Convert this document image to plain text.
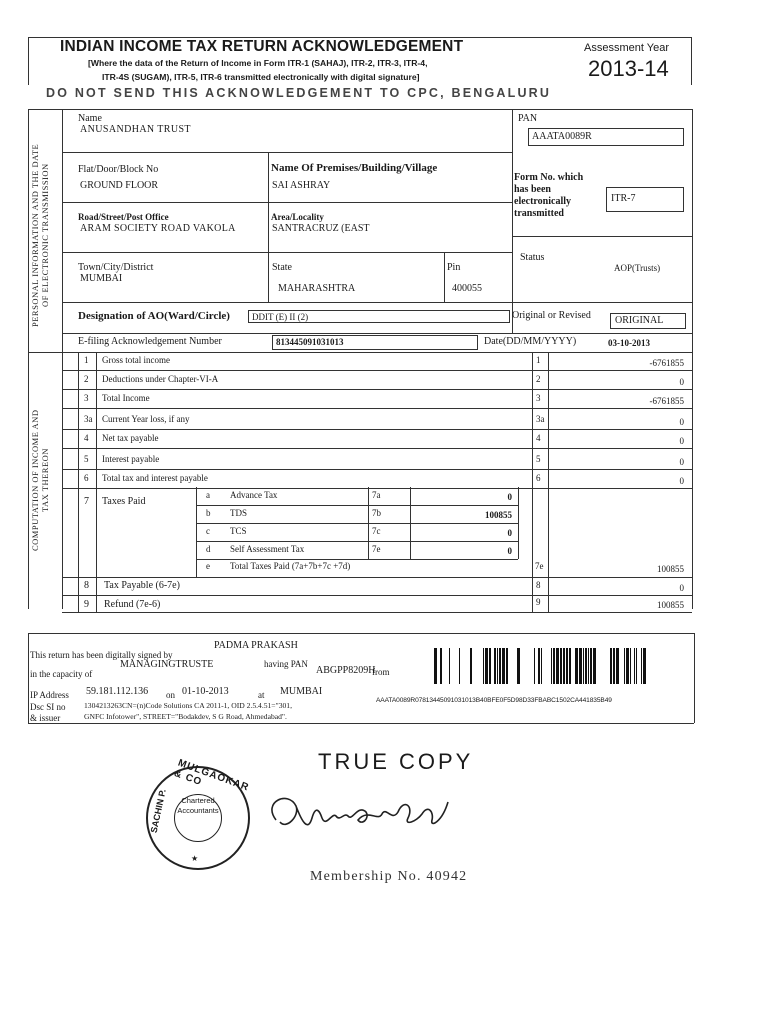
INDIAN INCOME TAX RETURN ACKNOWLEDGEMENT
[Where the data of the Return of Income in Form ITR-1 (SAHAJ), ITR-2, ITR-3, ITR-4,
ITR-4S (SUGAM), ITR-5, ITR-6 transmitted electronically with digital signature]
DO NOT SEND THIS ACKNOWLEDGEMENT TO CPC, BENGALURU
Assessment Year
2013-14
PERSONAL INFORMATION AND THE DATE OF ELECTRONIC TRANSMISSION
Name
ANUSANDHAN TRUST
PAN
AAATA0089R
Flat/Door/Block No
GROUND FLOOR
Name Of Premises/Building/Village
SAI ASHRAY
Form No. which
has been
electronically
transmitted
ITR-7
Road/Street/Post Office
ARAM SOCIETY ROAD VAKOLA
Area/Locality
SANTRACRUZ (EAST
Town/City/District
MUMBAI
State
MAHARASHTRA
Pin
400055
Status
AOP(Trusts)
Designation of AO(Ward/Circle)	DDIT (E) II (2)	Original or Revised	ORIGINAL
E-filing Acknowledgement Number	813445091031013	Date(DD/MM/YYYY)	03-10-2013
COMPUTATION OF INCOME AND TAX THEREON
1 Gross total income	1	-6761855
2 Deductions under Chapter-VI-A	2	0
3 Total Income	3	-6761855
3a Current Year loss, if any	3a	0
4 Net tax payable	4	0
5 Interest payable	5	0
6 Total tax and interest payable	6	0
7 Taxes Paid
a Advance Tax	7a	0
b TDS	7b	100855
c TCS	7c	0
d Self Assessment Tax	7e	0
e Total Taxes Paid (7a+7b+7c +7d)	7e	100855
8 Tax Payable (6-7e)	8	0
9 Refund (7e-6)	9	100855
This return has been digitally signed by
PADMA PRAKASH
in the capacity of
MANAGINGTRUSTE	having PAN
ABGPP8209H
from
IP Address 59.181.112.136 on 01-10-2013	at MUMBAI
Dsc SI no 13042132​63CN=(n)Code Solutions CA 2011-1, OID 2.5.4.51="301,
& issuer	GNFC Infotower", STREET="Bodakdev, S G Road, Ahmedabad".
AAATA0089R07813445091031013B40BFE0F5D98D33FBABC1502CA441835B49
TRUE COPY
Chartered
Accountants
MULGAOKAR & CO
SACHIN P.
★
Membership No. 40942
